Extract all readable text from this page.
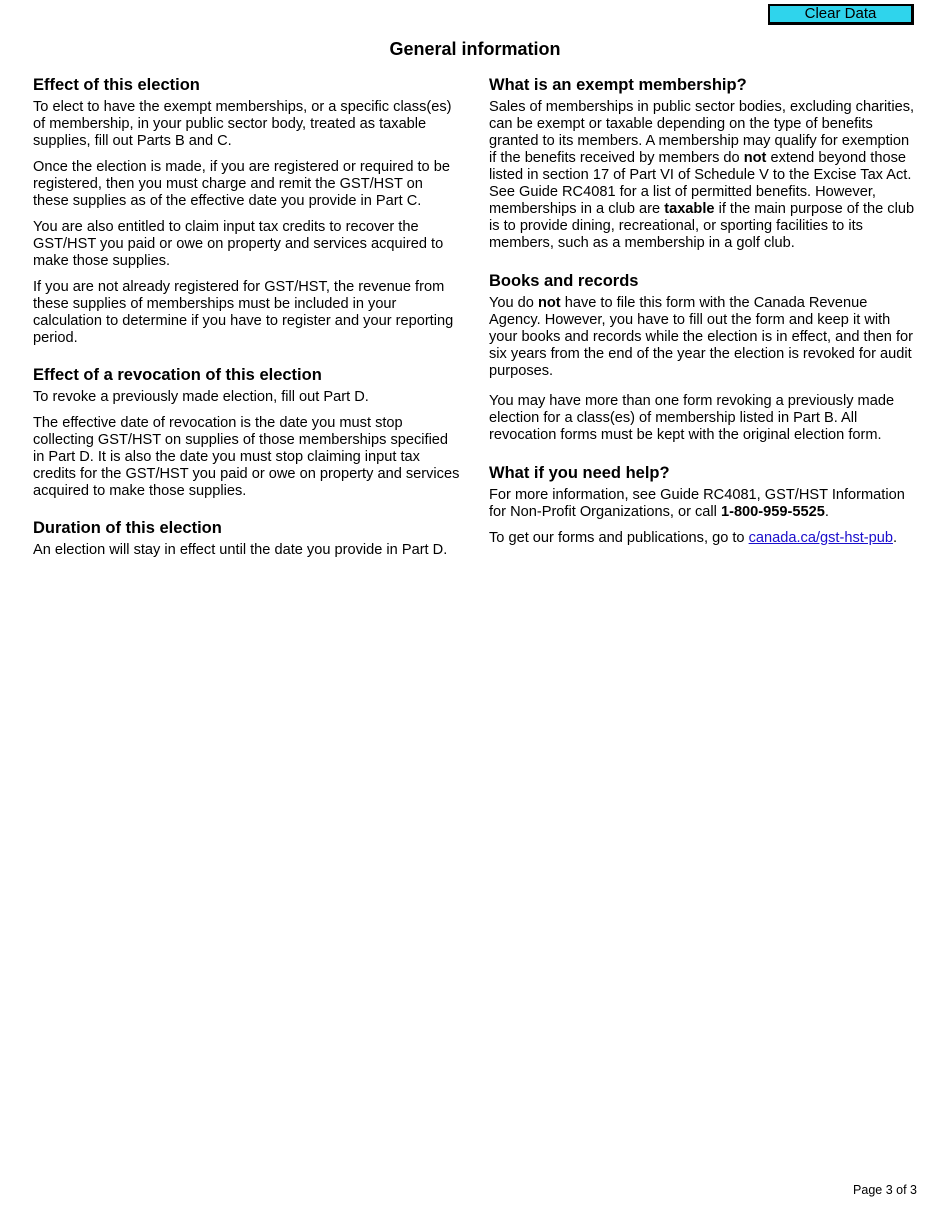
Clear Data
General information
Effect of this election

To elect to have the exempt memberships, or a specific class(es) of membership, in your public sector body, treated as taxable supplies, fill out Parts B and C.

Once the election is made, if you are registered or required to be registered, then you must charge and remit the GST/HST on these supplies as of the effective date you provide in Part C.

You are also entitled to claim input tax credits to recover the GST/HST you paid or owe on property and services acquired to make those supplies.

If you are not already registered for GST/HST, the revenue from these supplies of memberships must be included in your calculation to determine if you have to register and your reporting period.

Effect of a revocation of this election

To revoke a previously made election, fill out Part D.

The effective date of revocation is the date you must stop collecting GST/HST on supplies of those memberships specified in Part D. It is also the date you must stop claiming input tax credits for the GST/HST you paid or owe on property and services acquired to make those supplies.

Duration of this election

An election will stay in effect until the date you provide in Part D.

What is an exempt membership?

Sales of memberships in public sector bodies, excluding charities, can be exempt or taxable depending on the type of benefits granted to its members. A membership may qualify for exemption if the benefits received by members do not extend beyond those listed in section 17 of Part VI of Schedule V to the Excise Tax Act. See Guide RC4081 for a list of permitted benefits. However, memberships in a club are taxable if the main purpose of the club is to provide dining, recreational, or sporting facilities to its members, such as a membership in a golf club.

Books and records

You do not have to file this form with the Canada Revenue Agency. However, you have to fill out the form and keep it with your books and records while the election is in effect, and then for six years from the end of the year the election is revoked for audit purposes.

You may have more than one form revoking a previously made election for a class(es) of membership listed in Part B. All revocation forms must be kept with the original election form.

What if you need help?

For more information, see Guide RC4081, GST/HST Information for Non-Profit Organizations, or call 1-800-959-5525.

To get our forms and publications, go to canada.ca/gst-hst-pub.

Page 3 of 3
